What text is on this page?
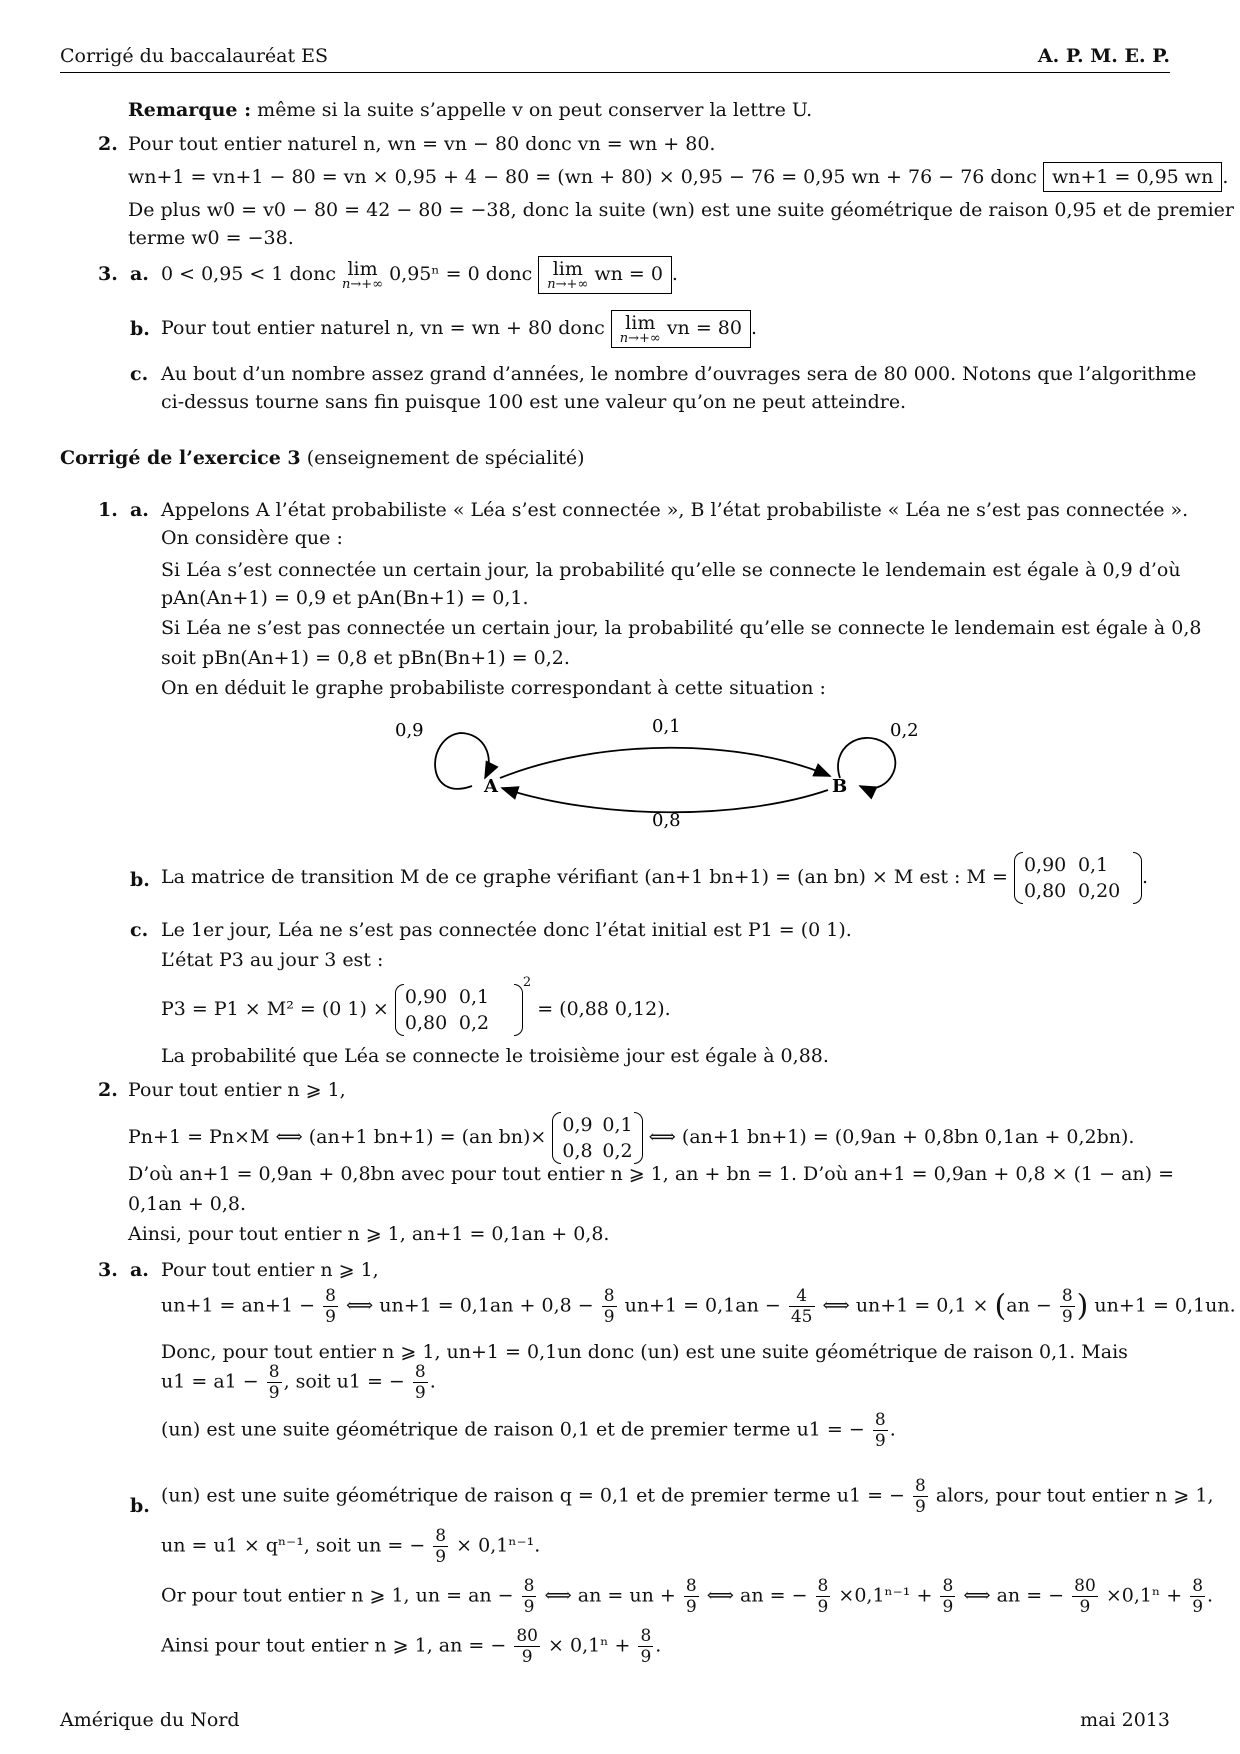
Corrigé du baccalauréat ES	A. P. M. E. P.
Remarque : même si la suite s’appelle v on peut conserver la lettre U.
2. Pour tout entier naturel n, wn = vn − 80 donc vn = wn + 80.
wn+1 = vn+1 − 80 = vn × 0,95 + 4 − 80 = (wn + 80) × 0,95 − 76 = 0,95 wn + 76 − 76 donc wn+1 = 0,95 wn .
De plus w0 = v0 − 80 = 42 − 80 = −38, donc la suite (wn) est une suite géométrique de raison 0,95 et de premier
terme w0 = −38.
3. a. 0 < 0,95 < 1 donc lim
n→+∞ 0,95ⁿ = 0 donc lim
n→+∞ wn = 0 .
b. Pour tout entier naturel n, vn = wn + 80 donc lim
n→+∞ vn = 80 .
c. Au bout d’un nombre assez grand d’années, le nombre d’ouvrages sera de 80 000. Notons que l’algorithme
ci-dessus tourne sans fin puisque 100 est une valeur qu’on ne peut atteindre.
Corrigé de l’exercice 3 (enseignement de spécialité)
1. a. Appelons A l’état probabiliste « Léa s’est connectée », B l’état probabiliste « Léa ne s’est pas connectée ».
On considère que :
Si Léa s’est connectée un certain jour, la probabilité qu’elle se connecte le lendemain est égale à 0,9 d’où
pAn(An+1) = 0,9 et pAn(Bn+1) = 0,1.
Si Léa ne s’est pas connectée un certain jour, la probabilité qu’elle se connecte le lendemain est égale à 0,8
soit pBn(An+1) = 0,8 et pBn(Bn+1) = 0,2.
On en déduit le graphe probabiliste correspondant à cette situation :
A	B
0,9	0,2
0,1
0,8
b. La matrice de transition M de ce graphe vérifiant (an+1 bn+1) = (an bn) × M est : M =
0,90 0,1
0,80 0,20
.
c. Le 1er jour, Léa ne s’est pas connectée donc l’état initial est P1 = (0 1).
L’état P3 au jour 3 est :
P3 = P1 × M² = (0 1) ×
0,90 0,1
0,80 0,2
$^2$ = (0,88 0,12).
La probabilité que Léa se connecte le troisième jour est égale à 0,88.
2. Pour tout entier n ⩾ 1,
Pn+1 = Pn×M ⟺ (an+1 bn+1) = (an bn)×
0,9 0,1
0,8 0,2
⟺ (an+1 bn+1) = (0,9an + 0,8bn 0,1an + 0,2bn).
D’où an+1 = 0,9an + 0,8bn avec pour tout entier n ⩾ 1, an + bn = 1. D’où an+1 = 0,9an + 0,8 × (1 − an) =
0,1an + 0,8.
Ainsi, pour tout entier n ⩾ 1, an+1 = 0,1an + 0,8.
3. a. Pour tout entier n ⩾ 1,
$un+1 = an+1 - \frac{8}{9}$ ⟺ $un+1 = 0,1an + 0,8 - \frac{8}{9} un+1 = 0,1an - \frac{4}{45}$ ⟺ $un+1 = 0,1 \times (an - \frac{8}{9}$ ) un+1 = 0,1un.
Donc, pour tout entier n ⩾ 1, un+1 = 0,1un donc (un) est une suite géométrique de raison 0,1. Mais
$u1 = a1 - \frac{8}{9}$ , soit u1 = − $\frac{8}{9}$ .
(un) est une suite géométrique de raison 0,1 et de premier terme u1 = − $\frac{8}{9}$ .
b. (un) est une suite géométrique de raison q = 0,1 et de premier terme u1 = − $\frac{8}{9}$ alors, pour tout entier n ⩾ 1,
un = u1 × qⁿ⁻¹, soit un = − $\frac{8}{9} \times 0,1^{n-1}$.
Or pour tout entier n ⩾ 1, un = an − $\frac{8}{9}$ ⟺ an = un + $\frac{8}{9}$ ⟺ an = − $\frac{8}{9} \times 0,1^{n-1} + \frac{8}{9}$ ⟺ an = − $\frac{80}{9} \times 0,1^n + \frac{8}{9}$ .
Ainsi pour tout entier n ⩾ 1, an = − $\frac{80}{9} \times 0,1^n + \frac{8}{9}$ .
Amérique du Nord	mai 2013
